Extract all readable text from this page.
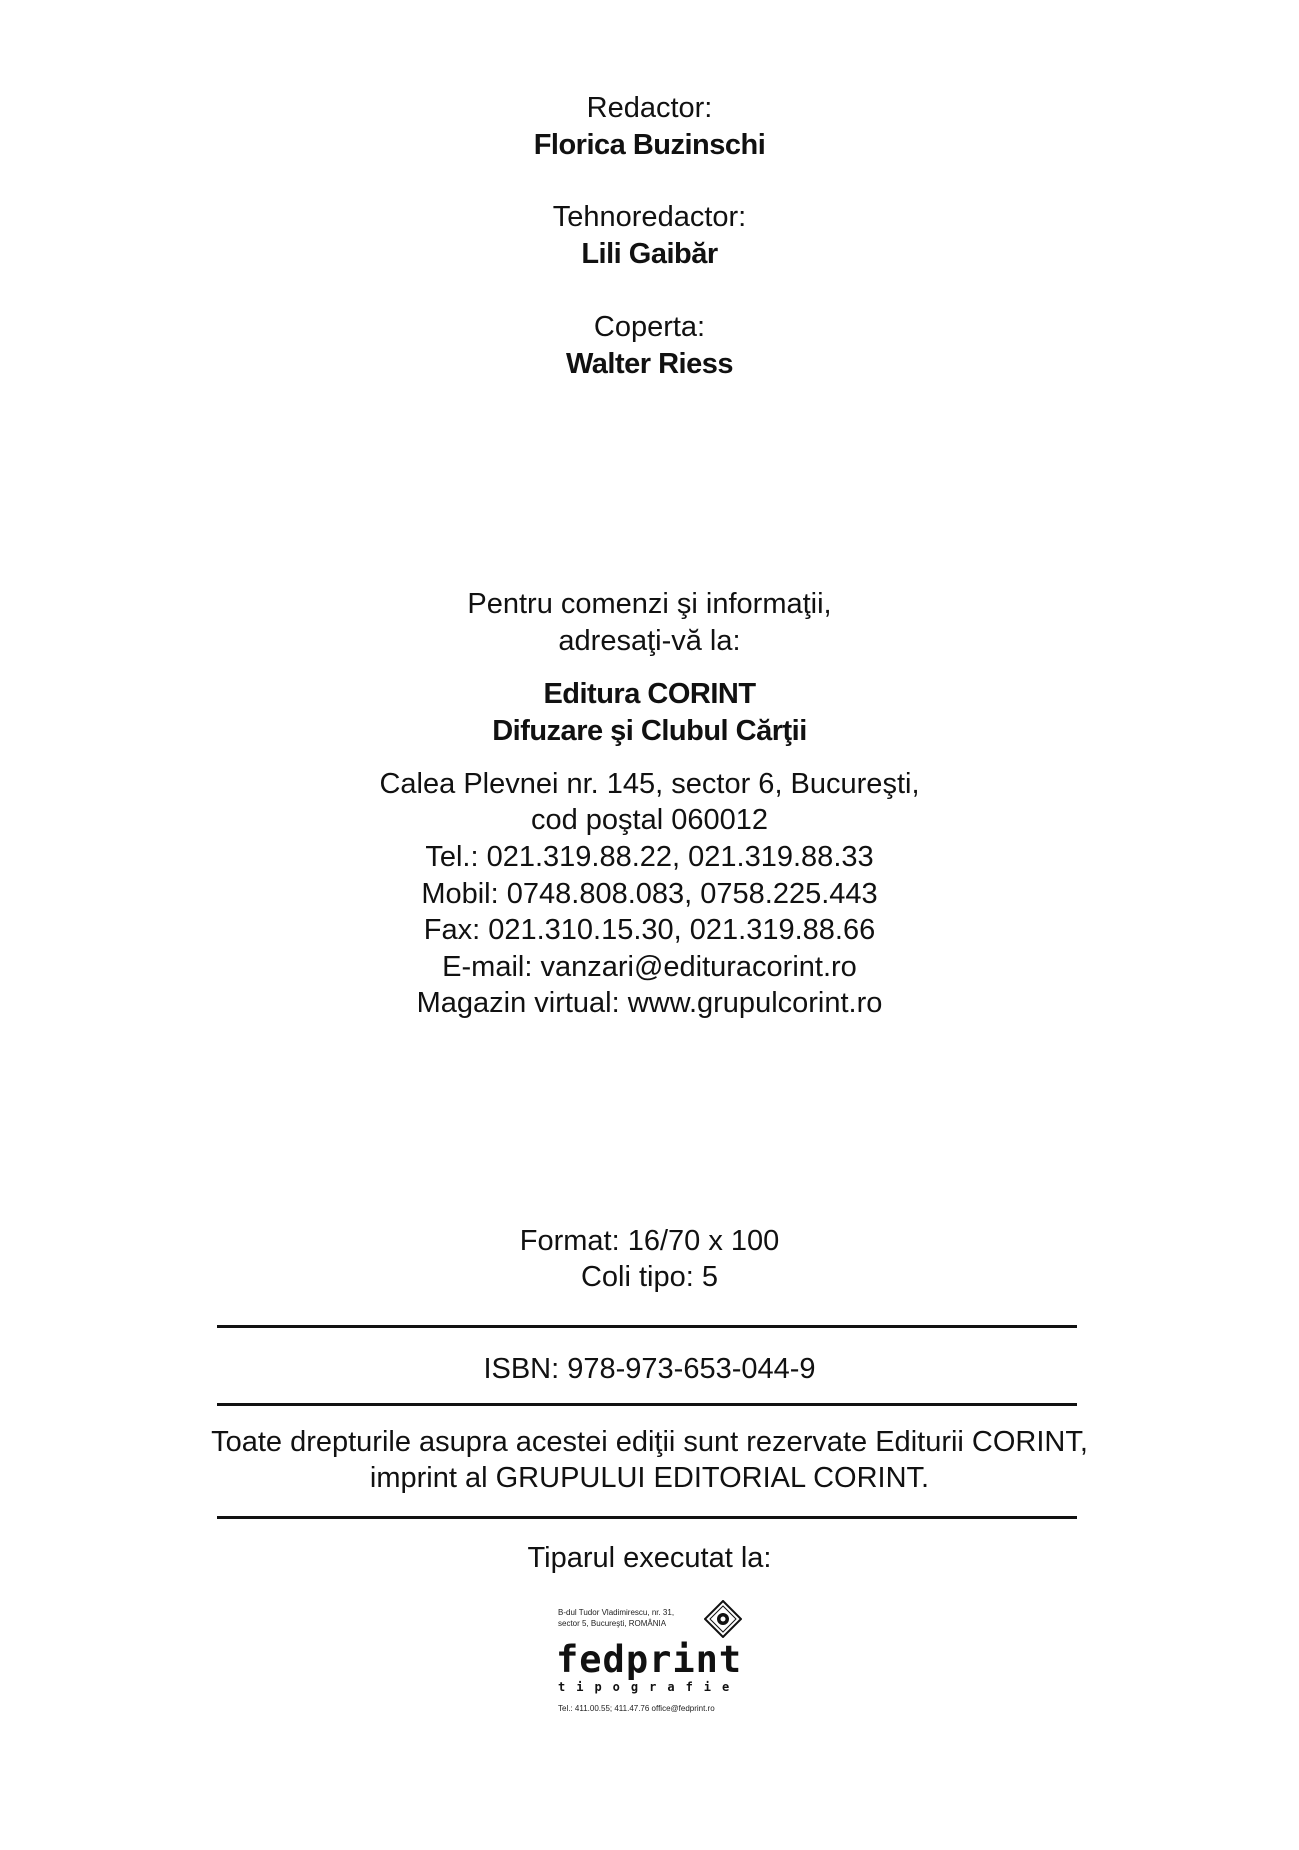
Redactor:
Florica Buzinschi
Tehnoredactor:
Lili Gaibăr
Coperta:
Walter Riess
Pentru comenzi şi informaţii,
adresaţi-vă la:
Editura CORINT
Difuzare şi Clubul Cărţii
Calea Plevnei nr. 145, sector 6, Bucureşti,
cod poştal 060012
Tel.: 021.319.88.22, 021.319.88.33
Mobil: 0748.808.083, 0758.225.443
Fax: 021.310.15.30, 021.319.88.66
E-mail: vanzari@edituracorint.ro
Magazin virtual: www.grupulcorint.ro
Format: 16/70 x 100
Coli tipo: 5
ISBN: 978-973-653-044-9
Toate drepturile asupra acestei ediţii sunt rezervate Editurii CORINT,
imprint al GRUPULUI EDITORIAL CORINT.
Tiparul executat la:
B-dul Tudor Vladimirescu, nr. 31,
sector 5, Bucureşti, ROMÂNIA
fedprint
tipografie
Tel.: 411.00.55; 411.47.76 office@fedprint.ro
